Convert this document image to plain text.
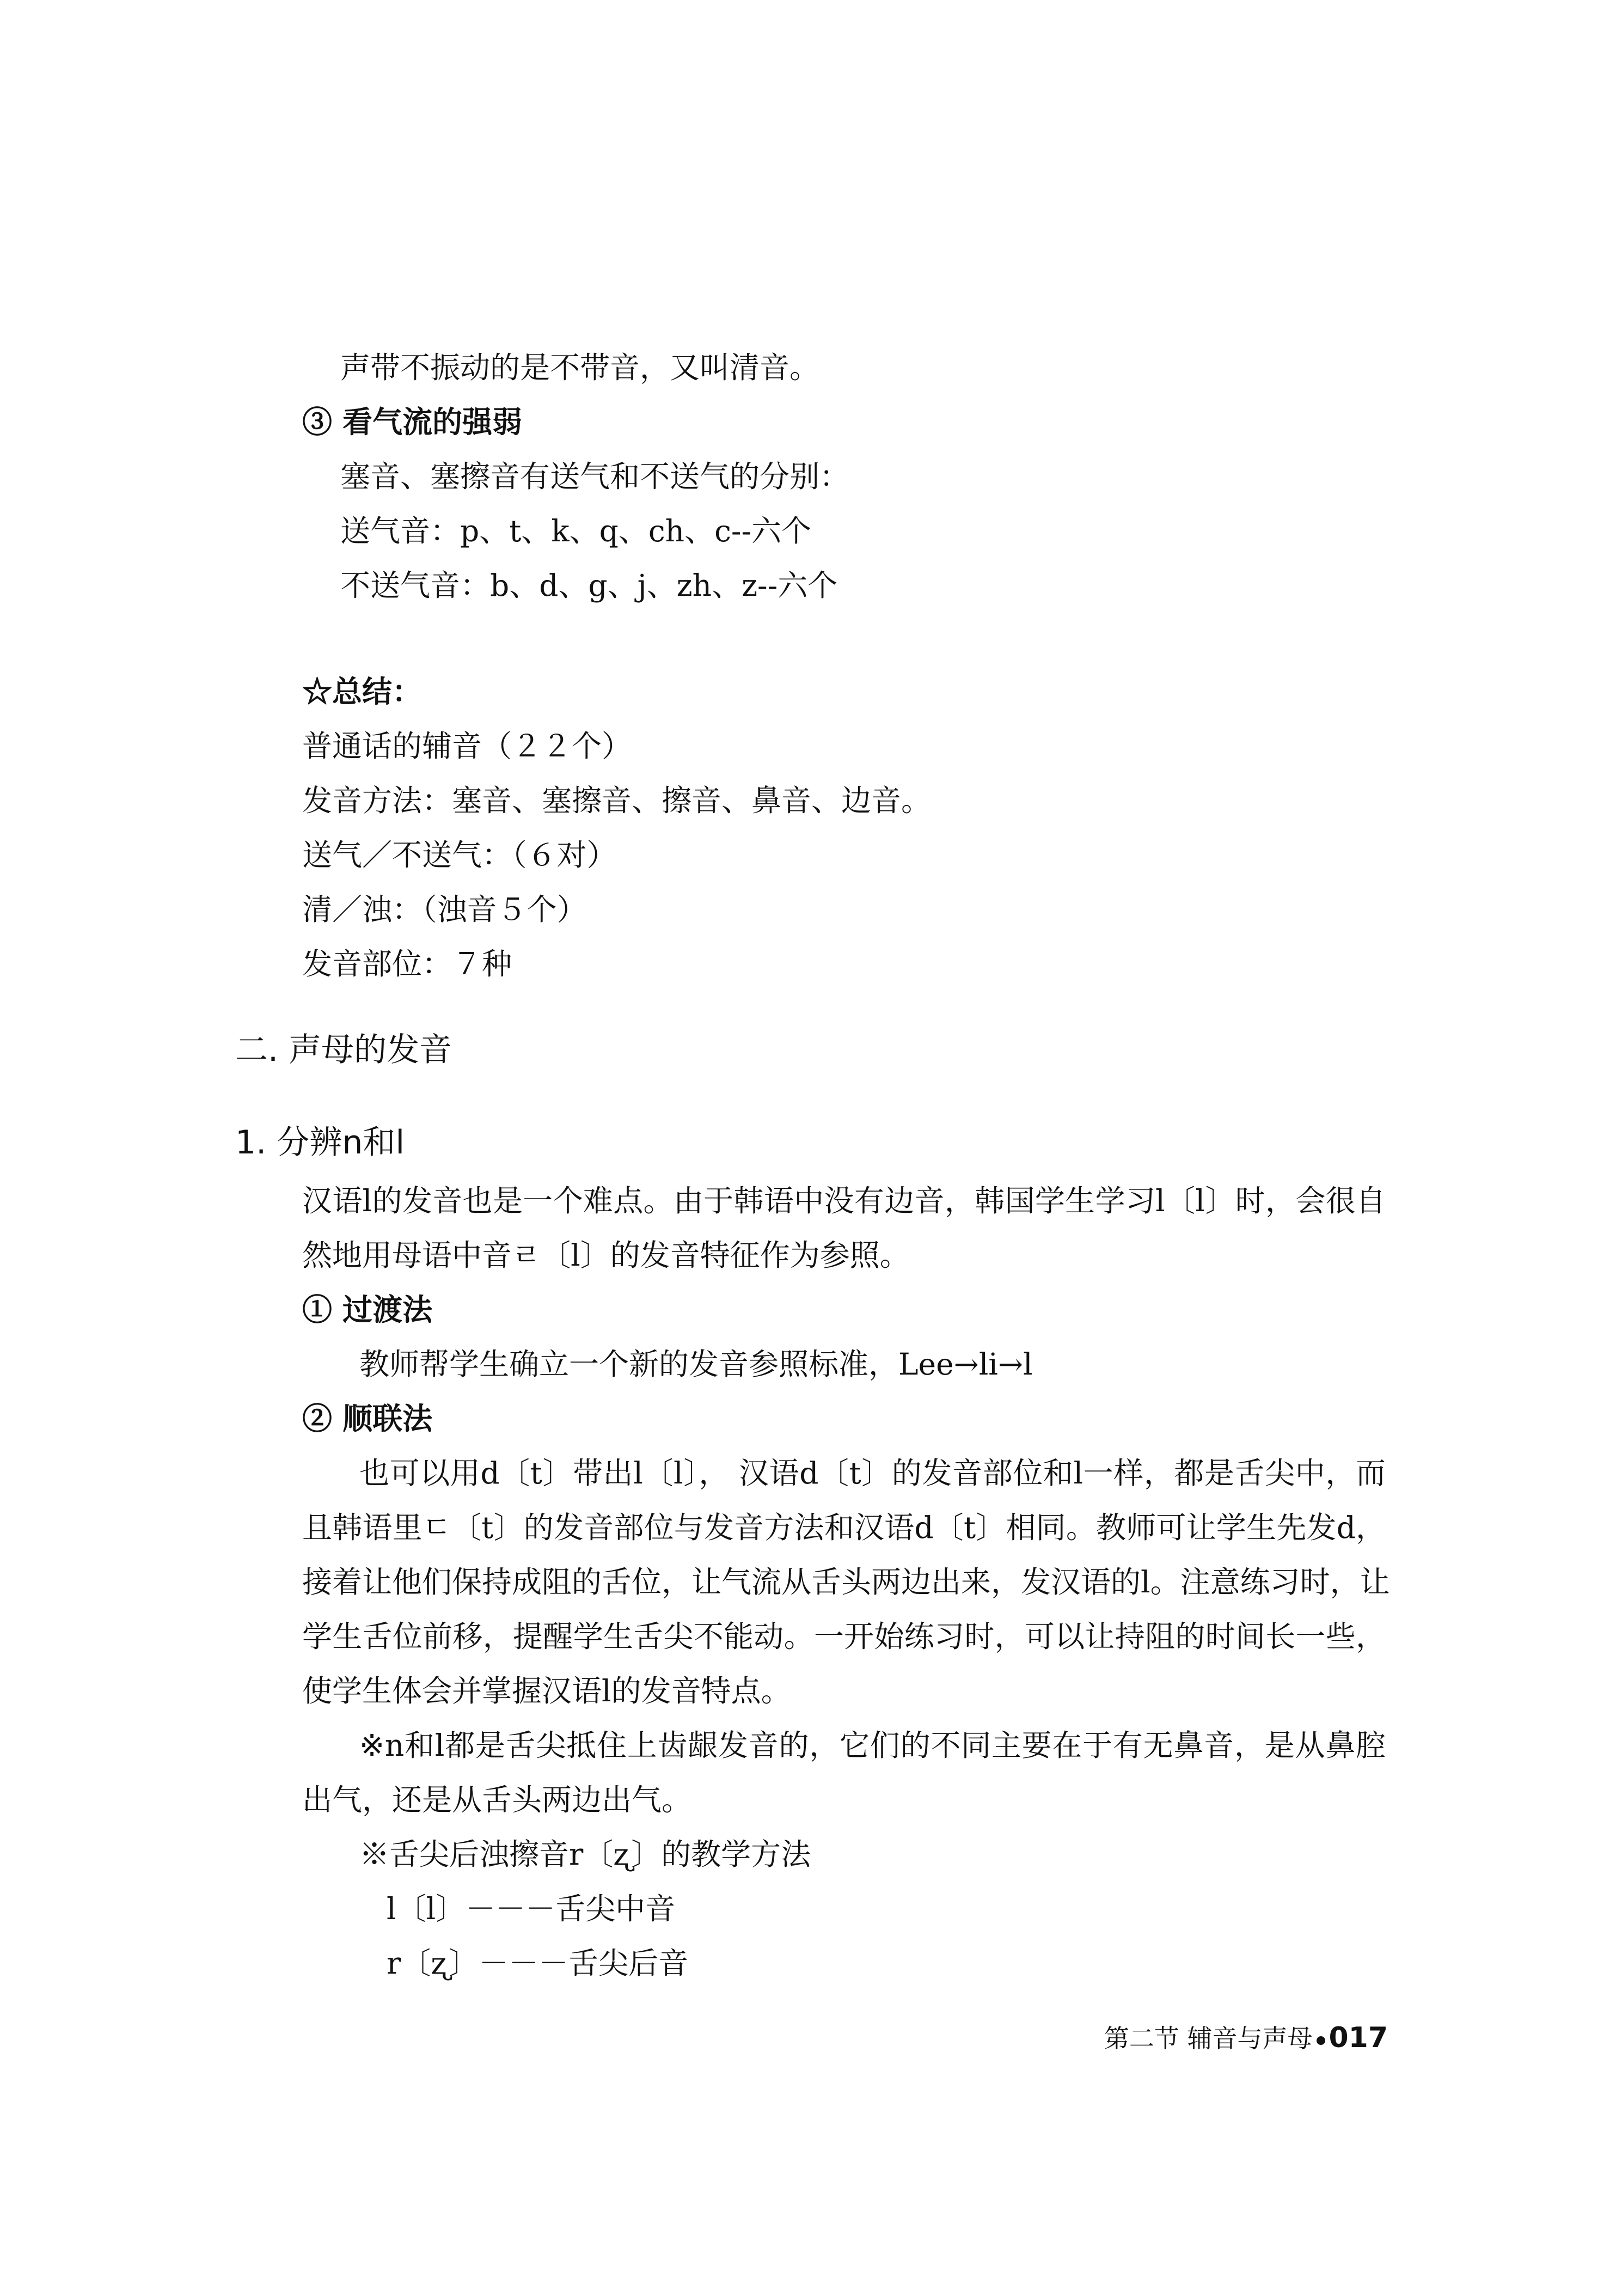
声带不振动的是不带音，又叫清音。
③ 看气流的强弱
塞音、塞擦音有送气和不送气的分别：
送气音：p、t、k、q、ch、c--六个
不送气音：b、d、g、j、zh、z--六个
☆总结：
普通话的辅音（２２个）
发音方法：塞音、塞擦音、擦音、鼻音、边音。
送气／不送气：（６对）
清／浊：（浊音５个）
发音部位：７种
二. 声母的发音
1. 分辨n和l
汉语l的发音也是一个难点。由于韩语中没有边音，韩国学生学习l〔l〕时，会很自
然地用母语中音ㄹ〔l〕的发音特征作为参照。
① 过渡法
教师帮学生确立一个新的发音参照标准，Lee→li→l
② 顺联法
也可以用d〔t〕带出l〔l〕， 汉语d〔t〕的发音部位和l一样，都是舌尖中，而
且韩语里ㄷ〔t〕的发音部位与发音方法和汉语d〔t〕相同。教师可让学生先发d，
接着让他们保持成阻的舌位，让气流从舌头两边出来，发汉语的l。注意练习时，让
学生舌位前移，提醒学生舌尖不能动。一开始练习时，可以让持阻的时间长一些，
使学生体会并掌握汉语l的发音特点。
※n和l都是舌尖抵住上齿龈发音的，它们的不同主要在于有无鼻音，是从鼻腔
出气，还是从舌头两边出气。
※舌尖后浊擦音r〔ʐ〕的教学方法
l〔l〕－－－舌尖中音
r〔ʐ〕－－－舌尖后音
第二节 辅音与声母 017
